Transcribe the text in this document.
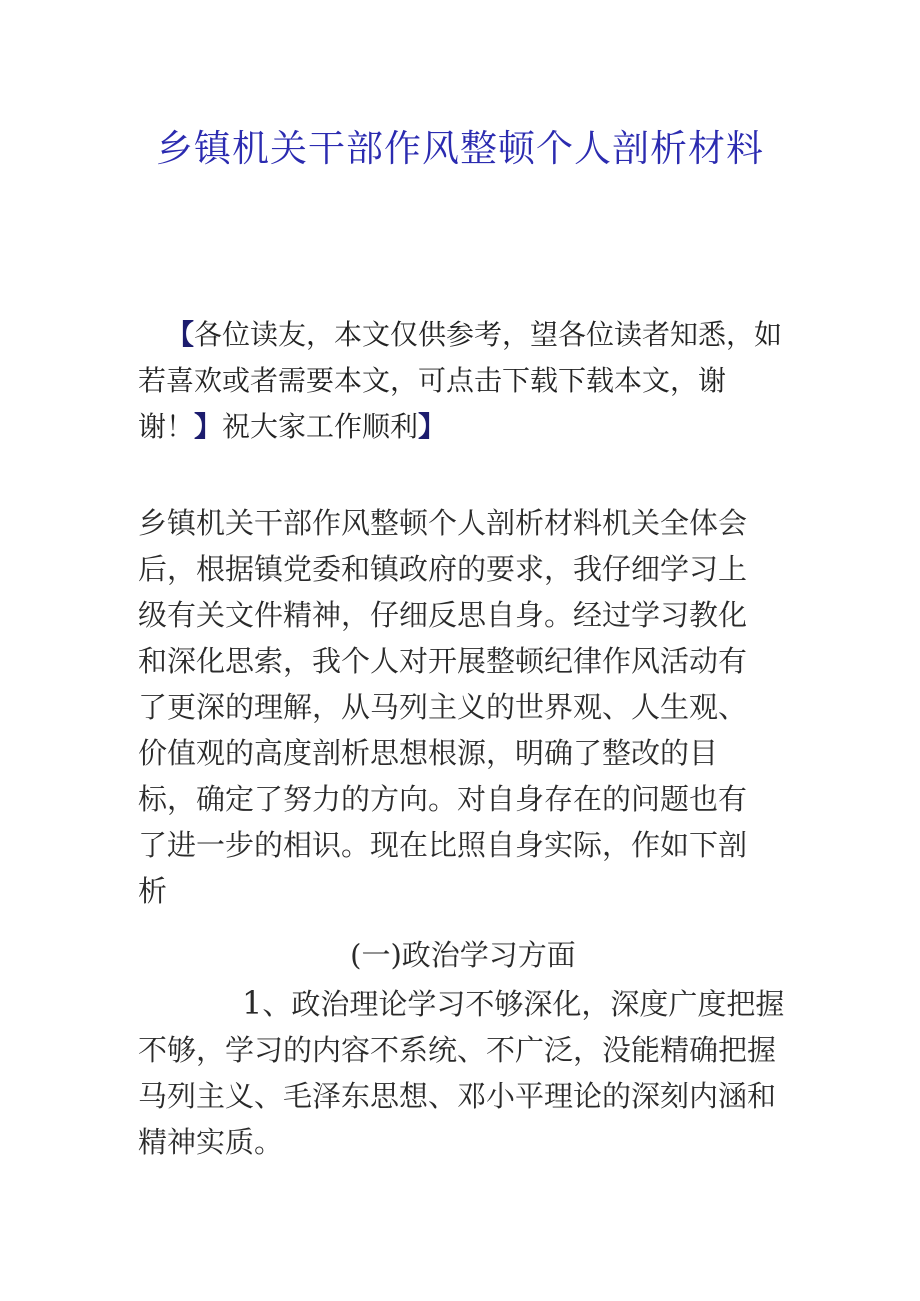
乡镇机关干部作风整顿个人剖析材料

【各位读友，本文仅供参考，望各位读者知悉，如若喜欢或者需要本文，可点击下载下载本文，谢谢！】祝大家工作顺利】

乡镇机关干部作风整顿个人剖析材料机关全体会后，根据镇党委和镇政府的要求，我仔细学习上级有关文件精神，仔细反思自身。经过学习教化和深化思索，我个人对开展整顿纪律作风活动有了更深的理解，从马列主义的世界观、人生观、价值观的高度剖析思想根源，明确了整改的目标，确定了努力的方向。对自身存在的问题也有了进一步的相识。现在比照自身实际，作如下剖析

(一)政治学习方面

1、政治理论学习不够深化，深度广度把握不够，学习的内容不系统、不广泛，没能精确把握马列主义、毛泽东思想、邓小平理论的深刻内涵和精神实质。
